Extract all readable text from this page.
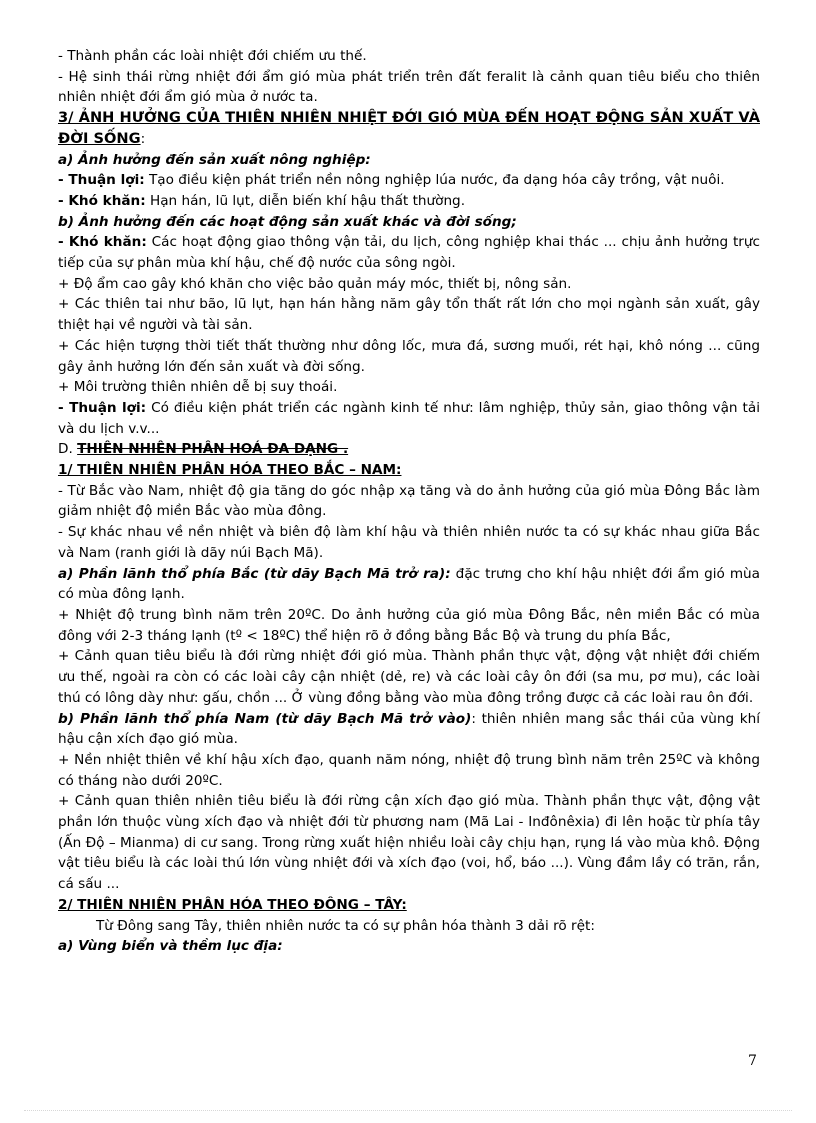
- Thành phần các loài nhiệt đới chiếm ưu thế.

- Hệ sinh thái rừng nhiệt đới ẩm gió mùa phát triển trên đất feralit là cảnh quan tiêu biểu cho thiên nhiên nhiệt đới ẩm gió mùa ở nước ta.

3/ ẢNH HƯỞNG CỦA THIÊN NHIÊN NHIỆT ĐỚI GIÓ MÙA ĐẾN HOẠT ĐỘNG SẢN XUẤT VÀ ĐỜI SỐNG:

a) Ảnh hưởng đến sản xuất nông nghiệp:

- Thuận lợi: Tạo điều kiện phát triển nền nông nghiệp lúa nước, đa dạng hóa cây trồng, vật nuôi.

- Khó khăn: Hạn hán, lũ lụt, diễn biến khí hậu thất thường.

b) Ảnh hưởng đến các hoạt động sản xuất khác và đời sống;

- Khó khăn: Các hoạt động giao thông vận tải, du lịch, công nghiệp khai thác ... chịu ảnh hưởng trực tiếp của sự phân mùa khí hậu, chế độ nước của sông ngòi.

+ Độ ẩm cao gây khó khăn cho việc bảo quản máy móc, thiết bị, nông sản.

+ Các thiên tai như bão, lũ lụt, hạn hán hằng năm gây tổn thất rất lớn cho mọi ngành sản xuất, gây thiệt hại về người và tài sản.

+ Các hiện tượng thời tiết thất thường như dông lốc, mưa đá, sương muối, rét hại, khô nóng ... cũng gây ảnh hưởng lớn đến sản xuất và đời sống.

+ Môi trường thiên nhiên dễ bị suy thoái.

- Thuận lợi: Có điều kiện phát triển các ngành kinh tế như: lâm nghiệp, thủy sản, giao thông vận tải và du lịch v.v...

D. THIÊN NHIÊN PHÂN HOÁ ĐA DẠNG .

1/ THIÊN NHIÊN PHÂN HÓA THEO BẮC – NAM:

- Từ Bắc vào Nam, nhiệt độ gia tăng do góc nhập xạ tăng và do ảnh hưởng của gió mùa Đông Bắc làm giảm nhiệt độ miền Bắc vào mùa đông.

- Sự khác nhau về nền nhiệt và biên độ làm khí hậu và thiên nhiên nước ta có sự khác nhau giữa Bắc và Nam (ranh giới là dãy núi Bạch Mã).

a) Phần lãnh thổ phía Bắc (từ dãy Bạch Mã trở ra): đặc trưng cho khí hậu nhiệt đới ẩm gió mùa có mùa đông lạnh.

+ Nhiệt độ trung bình năm trên 20ºC. Do ảnh hưởng của gió mùa Đông Bắc, nên miền Bắc có mùa đông với 2-3 tháng lạnh (tº < 18ºC) thể hiện rõ ở đồng bằng Bắc Bộ và trung du phía Bắc,

+ Cảnh quan tiêu biểu là đới rừng nhiệt đới gió mùa. Thành phần thực vật, động vật nhiệt đới chiếm ưu thế, ngoài ra còn có các loài cây cận nhiệt (dẻ, re) và các loài cây ôn đới (sa mu, pơ mu), các loài thú có lông dày như: gấu, chồn ... Ở vùng đồng bằng vào mùa đông trồng được cả các loài rau ôn đới.

b) Phần lãnh thổ phía Nam (từ dãy Bạch Mã trở vào): thiên nhiên mang sắc thái của vùng khí hậu cận xích đạo gió mùa.

+ Nền nhiệt thiên về khí hậu xích đạo, quanh năm nóng, nhiệt độ trung bình năm trên 25ºC và không có tháng nào dưới 20ºC.

+ Cảnh quan thiên nhiên tiêu biểu là đới rừng cận xích đạo gió mùa. Thành phần thực vật, động vật phần lớn thuộc vùng xích đạo và nhiệt đới từ phương nam (Mã Lai - Inđônêxia) đi lên hoặc từ phía tây (Ấn Độ – Mianma) di cư sang. Trong rừng xuất hiện nhiều loài cây chịu hạn, rụng lá vào mùa khô. Động vật tiêu biểu là các loài thú lớn vùng nhiệt đới và xích đạo (voi, hổ, báo ...). Vùng đầm lầy có trăn, rắn, cá sấu ...

2/ THIÊN NHIÊN PHÂN HÓA THEO ĐÔNG – TÂY:

Từ Đông sang Tây, thiên nhiên nước ta có sự phân hóa thành 3 dải rõ rệt:

a) Vùng biển và thềm lục địa:

7
